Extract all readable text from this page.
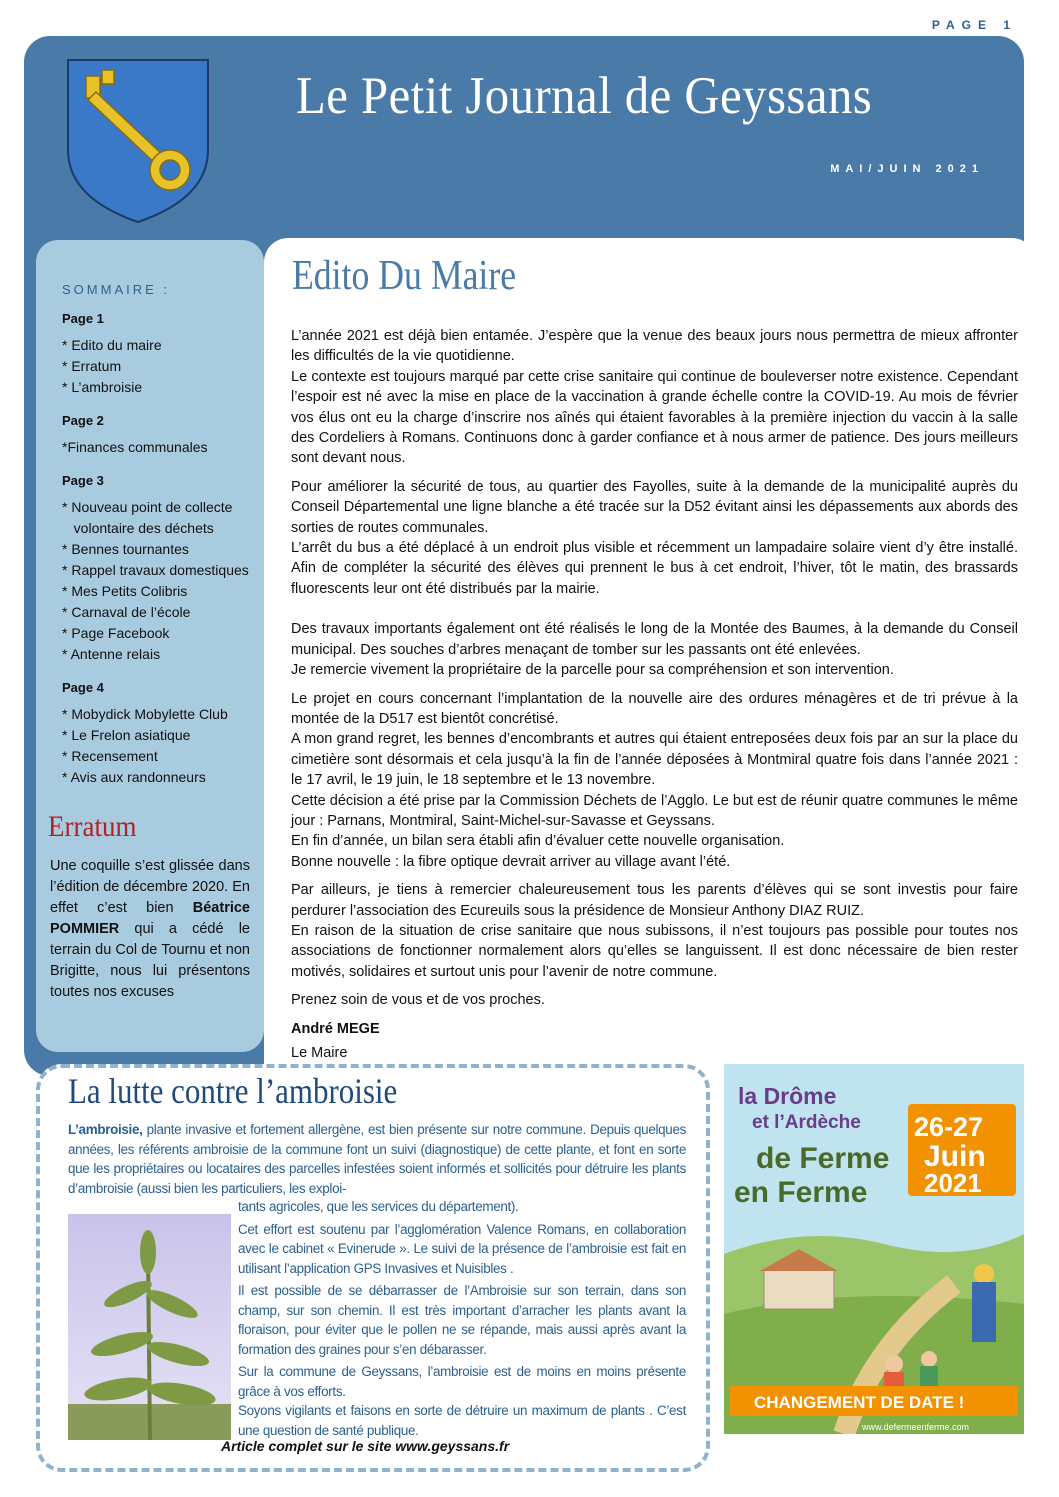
PAGE 1
Le Petit Journal de Geyssans
MAI/JUIN 2021
SOMMAIRE :
Page 1
* Edito du maire
* Erratum
* L’ambroisie
Page 2
*Finances communales
Page 3
* Nouveau point de collecte
volontaire des déchets
* Bennes tournantes
* Rappel travaux domestiques
* Mes Petits Colibris
* Carnaval de l’école
* Page Facebook
* Antenne relais
Page 4
* Mobydick Mobylette Club
* Le Frelon asiatique
* Recensement
* Avis aux randonneurs
Erratum
Une coquille s’est glissée dans l’édition de décembre 2020. En effet c’est bien Béatrice POMMIER qui a cédé le terrain du Col de Tournu et non Brigitte, nous lui présentons toutes nos excuses
Edito Du Maire

L’année 2021 est déjà bien entamée. J’espère que la venue des beaux jours nous permettra de mieux affronter les difficultés de la vie quotidienne.
Le contexte est toujours marqué par cette crise sanitaire qui continue de bouleverser notre existence. Cependant l’espoir est né avec la mise en place de la vaccination à grande échelle contre la COVID-19. Au mois de février vos élus ont eu la charge d’inscrire nos aînés qui étaient favorables à la première injection du vaccin à la salle des Cordeliers à Romans. Continuons donc à garder confiance et à nous armer de patience. Des jours meilleurs sont devant nous.

Pour améliorer la sécurité de tous, au quartier des Fayolles, suite à la demande de la municipalité auprès du Conseil Départemental une ligne blanche a été tracée sur la D52 évitant ainsi les dépassements aux abords des sorties de routes communales.
L’arrêt du bus a été déplacé à un endroit plus visible et récemment un lampadaire solaire vient d’y être installé. Afin de compléter la sécurité des élèves qui prennent le bus à cet endroit, l’hiver, tôt le matin, des brassards fluorescents leur ont été distribués par la mairie.

Des travaux importants également ont été réalisés le long de la Montée des Baumes, à la demande du Conseil municipal. Des souches d’arbres menaçant de tomber sur les passants ont été enlevées.
Je remercie vivement la propriétaire de la parcelle pour sa compréhension et son intervention.

Le projet en cours concernant l’implantation de la nouvelle aire des ordures ménagères et de tri prévue à la montée de la D517 est bientôt concrétisé.
A mon grand regret, les bennes d’encombrants et autres qui étaient entreposées deux fois par an sur la place du cimetière sont désormais et cela jusqu’à la fin de l’année déposées à Montmiral quatre fois dans l’année 2021 : le 17 avril, le 19 juin, le 18 septembre et le 13 novembre.
Cette décision a été prise par la Commission Déchets de l’Agglo. Le but est de réunir quatre communes le même jour : Parnans, Montmiral, Saint-Michel-sur-Savasse et Geyssans.
En fin d’année, un bilan sera établi afin d’évaluer cette nouvelle organisation.
Bonne nouvelle : la fibre optique devrait arriver au village avant l’été.

Par ailleurs, je tiens à remercier chaleureusement tous les parents d’élèves qui se sont investis pour faire perdurer l’association des Ecureuils sous la présidence de Monsieur Anthony DIAZ RUIZ.
En raison de la situation de crise sanitaire que nous subissons, il n’est toujours pas possible pour toutes nos associations de fonctionner normalement alors qu’elles se languissent. Il est donc nécessaire de bien rester motivés, solidaires et surtout unis pour l’avenir de notre commune.

Prenez soin de vous et de vos proches.

André MEGE

Le Maire

La lutte contre l’ambroisie
L’ambroisie, plante invasive et fortement allergène, est bien présente sur notre commune. Depuis quelques années, les référents ambroisie de la commune font un suivi (diagnostique) de cette plante, et font en sorte que les propriétaires ou locataires des parcelles infestées soient informés et sollicités pour détruire les plants d’ambroisie (aussi bien les particuliers, les exploi-

tants agricoles, que les services du département).

Cet effort est soutenu par l’agglomération Valence Romans, en collaboration avec le cabinet « Evinerude ». Le suivi de la présence de l’ambroisie est fait en utilisant l’application GPS Invasives et Nuisibles .

Il est possible de se débarrasser de l’Ambroisie sur son terrain, dans son champ, sur son chemin. Il est très important d’arracher les plants avant la floraison, pour éviter que le pollen ne se répande, mais aussi après avant la formation des graines pour s’en débarasser.

Sur la commune de Geyssans, l’ambroisie est de moins en moins présente grâce à vos efforts.

Soyons vigilants et faisons en sorte de détruire un maximum de plants . C’est une question de santé publique.

Article complet sur le site www.geyssans.fr
la Drôme
et l’Ardèche
de Ferme
en Ferme
26-27
Juin
2021
CHANGEMENT DE DATE !
www.defermeenferme.com
